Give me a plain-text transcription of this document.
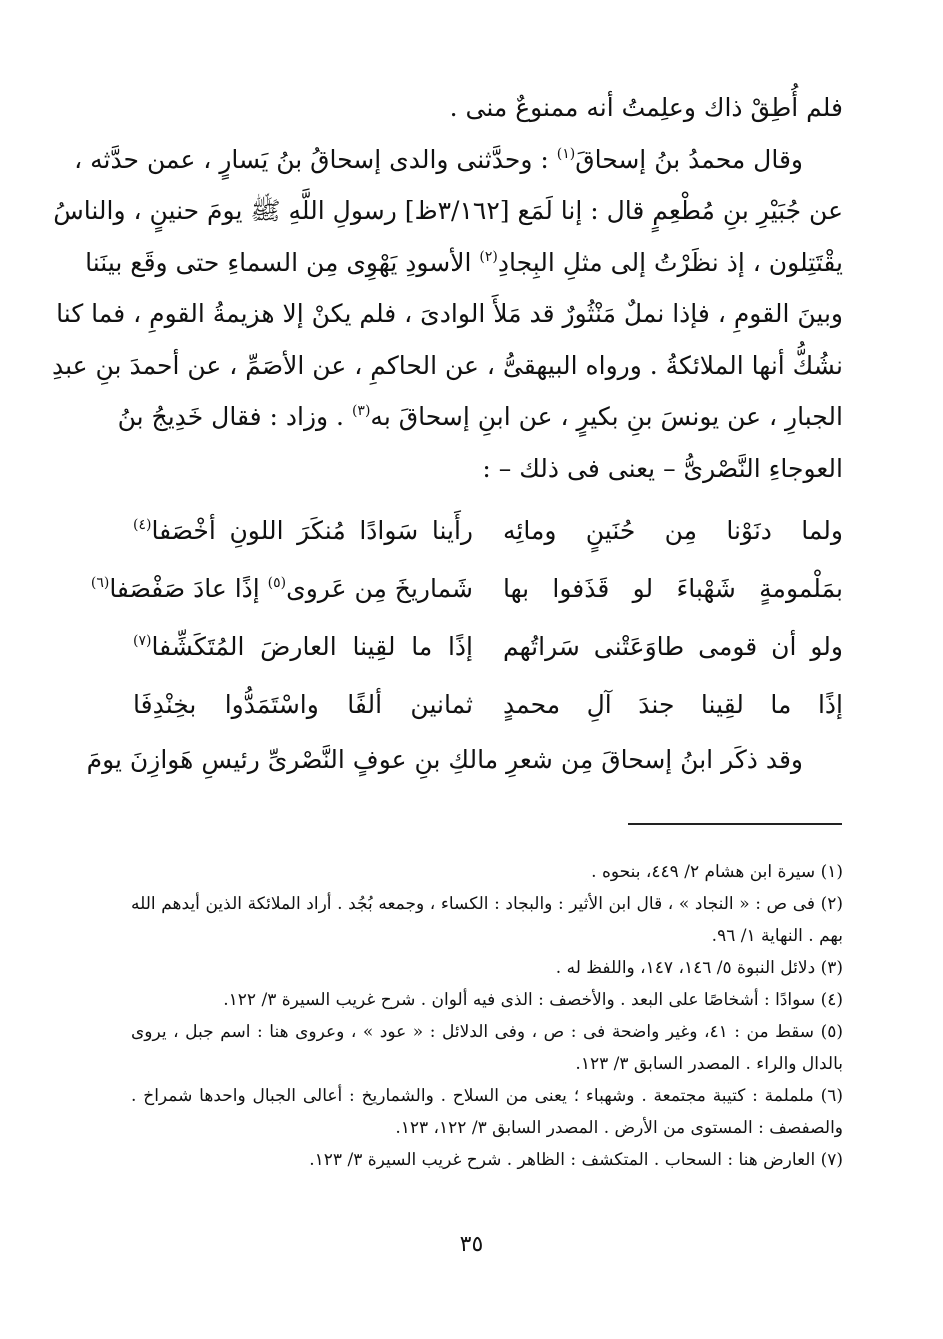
فلم أُطِقْ ذاك وعلِمتُ أنه ممنوعٌ منى .
وقال محمدُ بنُ إسحاقَ$^{(١)}$ : وحدَّثنى والدى إسحاقُ بنُ يَسارٍ ، عمن حدَّثه ،
عن جُبَيْرِ بنِ مُطْعِمٍ قال : إنا لَمَع [٣/١٦٢ظ] رسولِ اللَّهِ ﷺ يومَ حنينٍ ، والناسُ
يقْتَتِلون ، إذ نظَرْتُ إلى مثلِ البِجادِ$^{(٢)}$ الأسودِ يَهْوِى مِن السماءِ حتى وقَع بينَنا
وبينَ القومِ ، فإذا نملٌ مَنْثُورٌ قد مَلأَ الوادىَ ، فلم يكنْ إلا هزيمةُ القومِ ، فما كنا
نشُكُّ أنها الملائكةُ . ورواه البيهقىُّ ، عن الحاكمِ ، عن الأصَمِّ ، عن أحمدَ بنِ عبدِ
الجبارِ ، عن يونسَ بنِ بكيرٍ ، عن ابنِ إسحاقَ به$^{(٣)}$ . وزاد : فقال خَدِيجُ بنُ
العوجاءِ النَّصْرىُّ – يعنى فى ذلك – :
ولما دنَوْنا مِن حُنَينٍ ومائِه
رأَينا سَوادًا مُنكَرَ اللونِ أخْصَفا$^{(٤)}$
بمَلْمومةٍ شَهْباءَ لو قَذَفوا بها
شَماريخَ مِن عَروى$^{(٥)}$ إذًا عادَ صَفْصَفا$^{(٦)}$
ولو أن قومى طاوَعَتْنى سَراتُهم
إذًا ما لقِينا العارضَ المُتَكَشِّفا$^{(٧)}$
إذًا ما لقِينا جندَ آلِ محمدٍ
ثمانين ألفًا واسْتَمَدُّوا بخِنْدِفَا
وقد ذكَر ابنُ إسحاقَ مِن شعرِ مالكِ بنِ عوفٍ النَّصْرىِّ رئيسِ هَوازِنَ يومَ
(١) سيرة ابن هشام ٢/ ٤٤٩، بنحوه .
(٢) فى ص : « النجاد » ، قال ابن الأثير : والبجاد : الكساء ، وجمعه بُجُد . أراد الملائكة الذين أيدهم الله
بهم . النهاية ١/ ٩٦.
(٣) دلائل النبوة ٥/ ١٤٦، ١٤٧، واللفظ له .
(٤) سوادًا : أشخاصًا على البعد . والأخصف : الذى فيه ألوان . شرح غريب السيرة ٣/ ١٢٢.
(٥) سقط من : ٤١، وغير واضحة فى : ص ، وفى الدلائل : « عود » ، وعروى هنا : اسم جبل ، يروى
بالدال والراء . المصدر السابق ٣/ ١٢٣.
(٦) ململمة : كتيبة مجتمعة . وشهباء ؛ يعنى من السلاح . والشماريخ : أعالى الجبال واحدها شمراخ .
والصفصف : المستوى من الأرض . المصدر السابق ٣/ ١٢٢، ١٢٣.
(٧) العارض هنا : السحاب . المتكشف : الظاهر . شرح غريب السيرة ٣/ ١٢٣.
٣٥
